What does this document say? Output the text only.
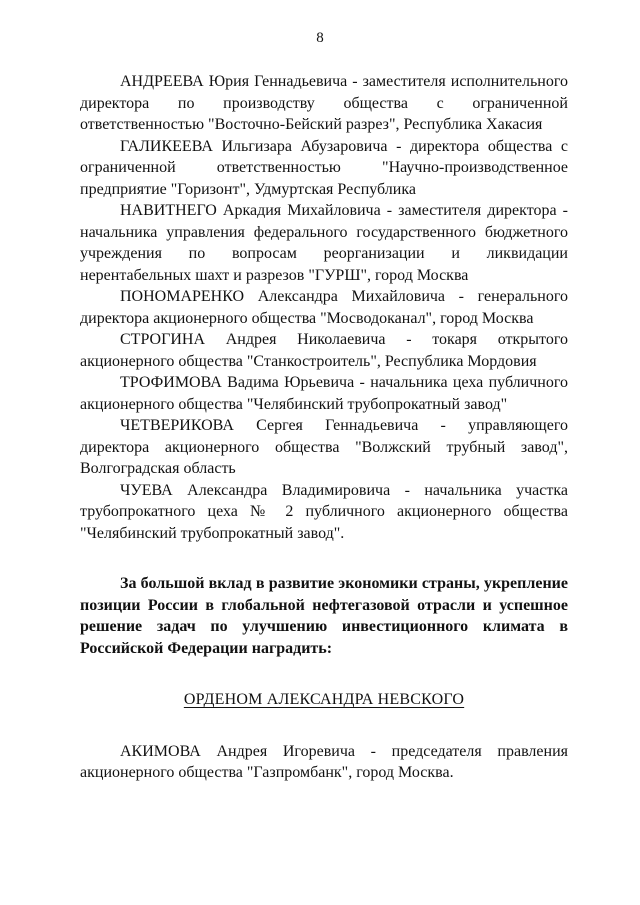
8

АНДРЕЕВА Юрия Геннадьевича - заместителя исполнительного директора по производству общества с ограниченной ответственностью "Восточно-Бейский разрез", Республика Хакасия

ГАЛИКЕЕВА Ильгизара Абузаровича - директора общества с ограниченной ответственностью "Научно-производственное предприятие "Горизонт", Удмуртская Республика

НАВИТНЕГО Аркадия Михайловича - заместителя директора - начальника управления федерального государственного бюджетного учреждения по вопросам реорганизации и ликвидации нерентабельных шахт и разрезов "ГУРШ", город Москва

ПОНОМАРЕНКО Александра Михайловича - генерального директора акционерного общества "Мосводоканал", город Москва

СТРОГИНА Андрея Николаевича - токаря открытого акционерного общества "Станкостроитель", Республика Мордовия

ТРОФИМОВА Вадима Юрьевича - начальника цеха публичного акционерного общества "Челябинский трубопрокатный завод"

ЧЕТВЕРИКОВА Сергея Геннадьевича - управляющего директора акционерного общества "Волжский трубный завод", Волгоградская область

ЧУЕВА Александра Владимировича - начальника участка трубопрокатного цеха № 2 публичного акционерного общества "Челябинский трубопрокатный завод".

За большой вклад в развитие экономики страны, укрепление позиции России в глобальной нефтегазовой отрасли и успешное решение задач по улучшению инвестиционного климата в Российской Федерации наградить:

ОРДЕНОМ АЛЕКСАНДРА НЕВСКОГО

АКИМОВА Андрея Игоревича - председателя правления акционерного общества "Газпромбанк", город Москва.
